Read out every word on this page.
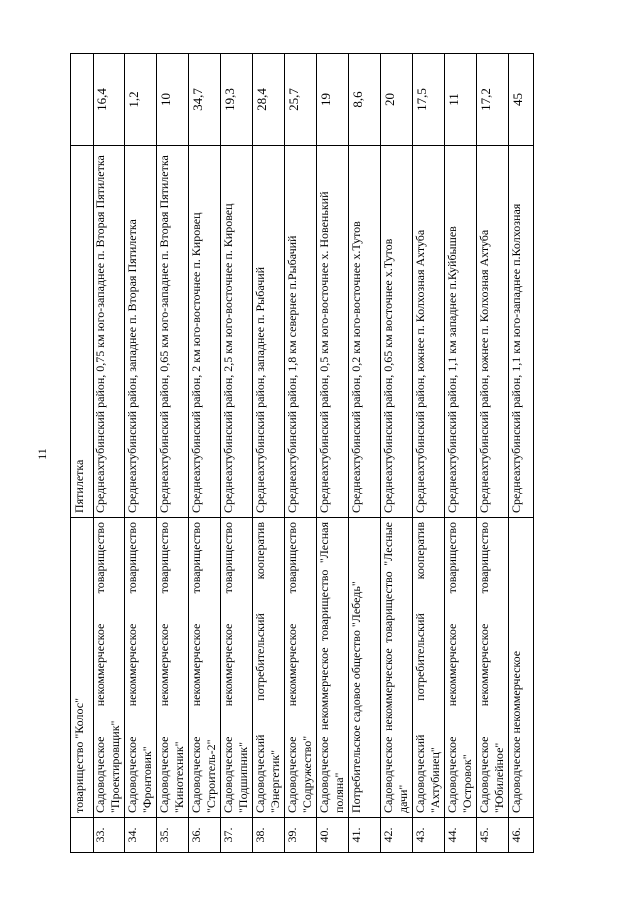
11
товарищество "Колос"
Пятилетка
33.
Садоводческое некоммерческое товарищество "Проектировщик"
Среднеахтубинский район, 0,75 км юго-западнее п. Вторая Пятилетка
16,4
34.
Садоводческое некоммерческое товарищество "Фронтовик"
Среднеахтубинский район, западнее п. Вторая Пятилетка
1,2
35.
Садоводческое некоммерческое товарищество "Кинотехник"
Среднеахтубинский район, 0,65 км юго-западнее п. Вторая Пятилетка
10
36.
Садоводческое некоммерческое товарищество "Строитель-2"
Среднеахтубинский район, 2 км юго-восточнее п. Кировец
34,7
37.
Садоводческое некоммерческое товарищество "Подшипник"
Среднеахтубинский район, 2,5 км юго-восточнее п. Кировец
19,3
38.
Садоводческий потребительский кооператив "Энергетик"
Среднеахтубинский район, западнее п. Рыбачий
28,4
39.
Садоводческое некоммерческое товарищество "Содружество"
Среднеахтубинский район, 1,8 км севернее п.Рыбачий
25,7
40.
Садоводческое некоммерческое товарищество "Лесная поляна"
Среднеахтубинский район, 0,5 км юго-восточнее х. Новенький
19
41.
Потребительское садовое общество "Лебедь"
Среднеахтубинский район, 0,2 км юго-восточнее х.Тутов
8,6
42.
Садоводческое некоммерческое товарищество "Лесные дачи"
Среднеахтубинский район, 0,65 км восточнее х.Тутов
20
43.
Садоводческий потребительский кооператив "Ахтубинец"
Среднеахтубинский район, южнее п. Колхозная Ахтуба
17,5
44.
Садоводческое некоммерческое товарищество "Островок"
Среднеахтубинский район, 1,1 км западнее п.Куйбышев
11
45.
Садоводческое некоммерческое товарищество "Юбилейное"
Среднеахтубинский район, южнее п. Колхозная Ахтуба
17,2
46.
Садоводческое некоммерческое
Среднеахтубинский район, 1,1 км юго-западнее п.Колхозная
45
